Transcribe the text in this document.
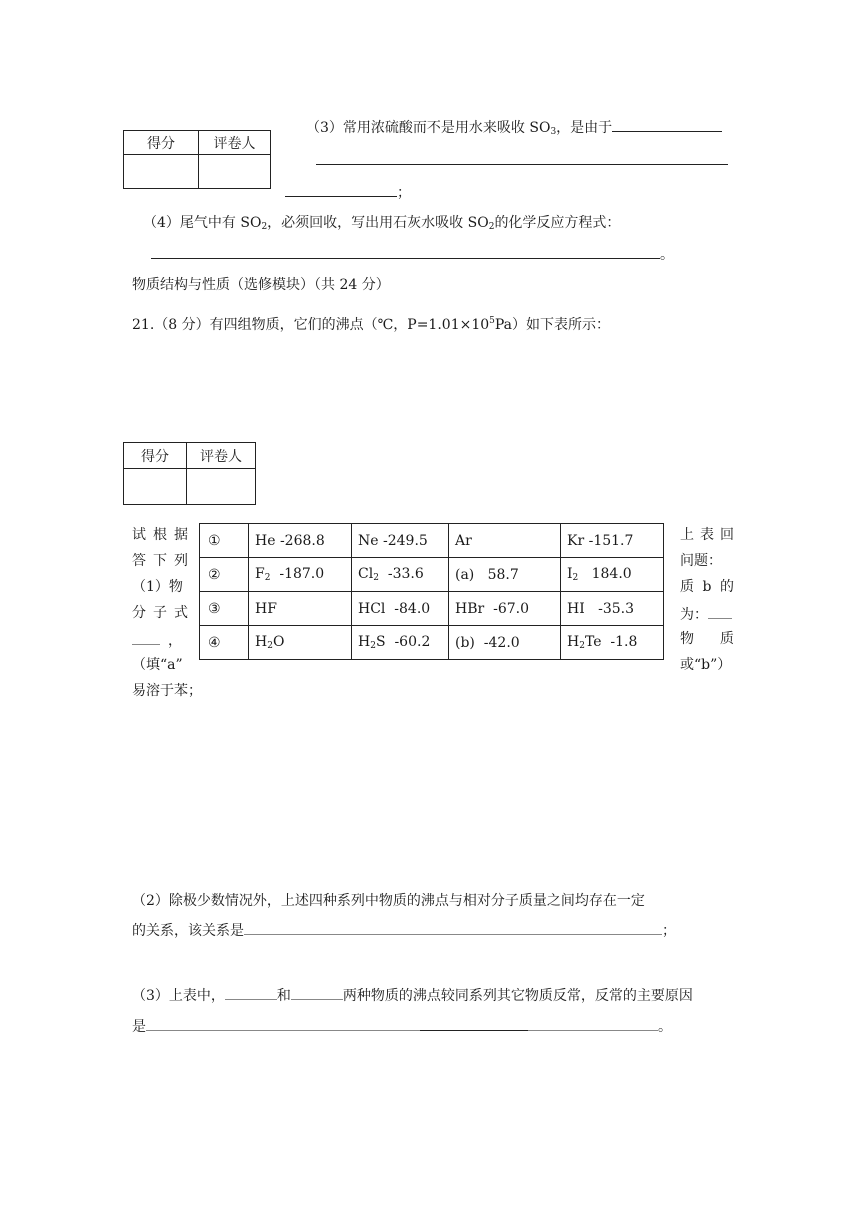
得分	评卷人

（3）常用浓硫酸而不是用水来吸收 $SO_3$，是由于
；
（4）尾气中有 $SO_2$，必须回收，写出用石灰水吸收 $SO_2$的化学反应方程式：
。
物质结构与性质（选修模块）（共 24 分）
21.（8 分）有四组物质，它们的沸点（℃，$P=1.01\times 10^5Pa$）如下表所示：
得分	评卷人

试 根 据
答 下 列
（1）物
分 子 式
，
（填“a”
易溶于苯；
①	He -268.8	Ne -249.5	Ar	Kr -151.7
②	$F_2$  -187.0	$Cl_2$  -33.6	(a)   58.7	$I_2$   184.0
③	HF	HCl  -84.0	HBr  -67.0	HI   -35.3
④	$H_2O$	$H_2S$  -60.2	(b)  -42.0	$H_2Te$  -1.8
上 表 回
问题：
质 b 的
为：
物 质
或“b”）
（2）除极少数情况外，上述四种系列中物质的沸点与相对分子质量之间均存在一定
的关系，该关系是	；
（3）上表中，	和	两种物质的沸点较同系列其它物质反常，反常的主要原因
是	。
